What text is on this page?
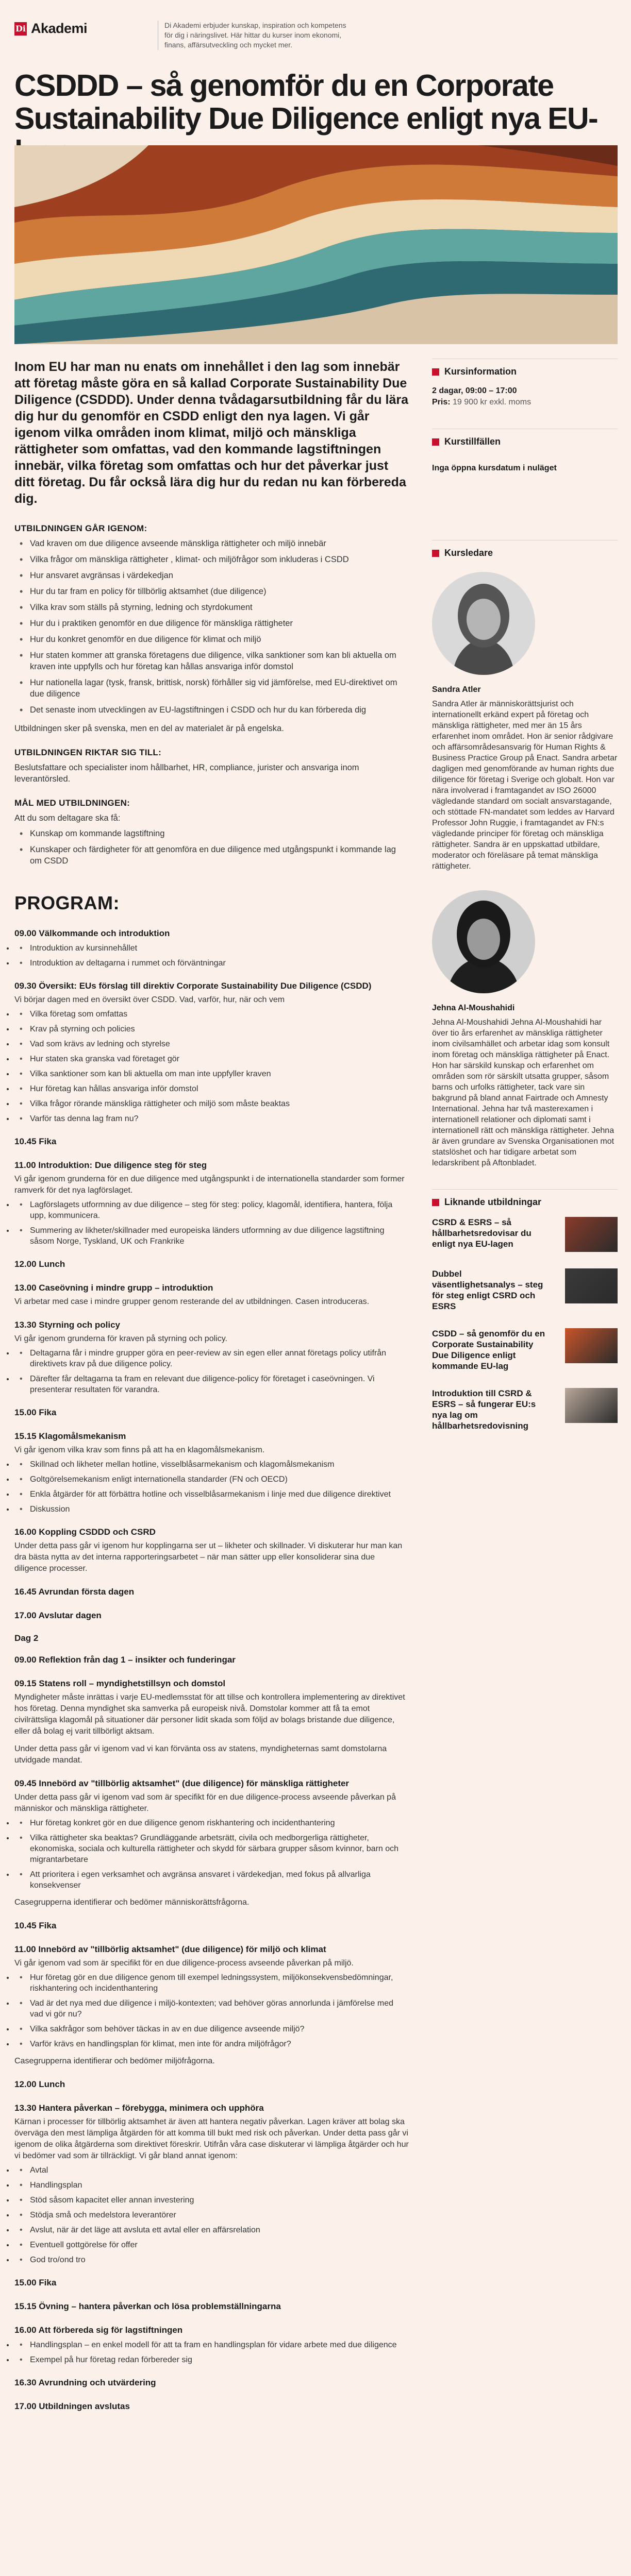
Di Akademi	Di Akademi erbjuder kunskap, inspiration och kompetens för dig i näringslivet. Här hittar du kurser inom ekonomi, finans, affärsutveckling och mycket mer.
CSDDD – så genomför du en Corporate Sustainability Due Diligence enligt nya EU-

Inom EU har man nu enats om innehållet i den lag som innebär att företag måste göra en så kallad Corporate Sustainability Due Diligence (CSDDD). Under denna tvådagarsutbildning får du lära dig hur du genomför en CSDD enligt den nya lagen. Vi går igenom vilka områden inom klimat, miljö och mänskliga rättigheter som omfattas, vad den kommande lagstiftningen innebär, vilka företag som omfattas och hur det påverkar just ditt företag. Du får också lära dig hur du redan nu kan förbereda dig.

UTBILDNINGEN GÅR IGENOM:
• Vad kraven om due diligence avseende mänskliga rättigheter och miljö innebär
• Vilka frågor om mänskliga rättigheter , klimat- och miljöfrågor som inkluderas i CSDD
• Hur ansvaret avgränsas i värdekedjan
• Hur du tar fram en policy för tillbörlig aktsamhet (due diligence)
• Vilka krav som ställs på styrning, ledning och styrdokument
• Hur du i praktiken genomför en due diligence för mänskliga rättigheter
• Hur du konkret genomför en due diligence för klimat och miljö
• Hur staten kommer att granska företagens due diligence, vilka sanktioner som kan bli aktuella om kraven inte uppfylls och hur företag kan hållas ansvariga inför domstol
• Hur nationella lagar (tysk, fransk, brittisk, norsk) förhåller sig vid jämförelse, med EU-direktivet om due diligence
• Det senaste inom utvecklingen av EU-lagstiftningen i CSDD och hur du kan förbereda dig

Utbildningen sker på svenska, men en del av materialet är på engelska.

UTBILDNINGEN RIKTAR SIG TILL:

Beslutsfattare och specialister inom hållbarhet, HR, compliance, jurister och ansvariga inom leverantörsled.

MÅL MED UTBILDNINGEN:

Att du som deltagare ska få:

• Kunskap om kommande lagstiftning
• Kunskaper och färdigheter för att genomföra en due diligence med utgångspunkt i kommande lag om CSDD
PROGRAM:
09.00 Välkommande och introduktion
• • Introduktion av kursinnehållet
• • Introduktion av deltagarna i rummet och förväntningar
09.30 Översikt: EUs förslag till direktiv Corporate Sustainability Due Diligence (CSDD)
Vi börjar dagen med en översikt över CSDD. Vad, varför, hur, när och vem
• • Vilka företag som omfattas
• • Krav på styrning och policies
• • Vad som krävs av ledning och styrelse
• • Hur staten ska granska vad företaget gör
• • Vilka sanktioner som kan bli aktuella om man inte uppfyller kraven
• • Hur företag kan hållas ansvariga inför domstol
• • Vilka frågor rörande mänskliga rättigheter och miljö som måste beaktas
• • Varför tas denna lag fram nu?
10.45 Fika
11.00 Introduktion: Due diligence steg för steg
Vi går igenom grunderna för en due diligence med utgångspunkt i de internationella standarder som former ramverk för det nya lagförslaget.
• • Lagförslagets utformning av due diligence – steg för steg: policy, klagomål, identifiera, hantera, följa upp, kommunicera.
• • Summering av likheter/skillnader med europeiska länders utformning av due diligence lagstiftning såsom Norge, Tyskland, UK och Frankrike
12.00 Lunch
13.00 Caseövning i mindre grupp – introduktion
Vi arbetar med case i mindre grupper genom resterande del av utbildningen. Casen introduceras.
13.30 Styrning och policy
Vi går igenom grunderna för kraven på styrning och policy.
• • Deltagarna får i mindre grupper göra en peer-review av sin egen eller annat företags policy utifrån direktivets krav på due diligence policy.
• • Därefter får deltagarna ta fram en relevant due diligence-policy för företaget i caseövningen. Vi presenterar resultaten för varandra.
15.00 Fika
15.15 Klagomålsmekanism
Vi går igenom vilka krav som finns på att ha en klagomålsmekanism.
• • Skillnad och likheter mellan hotline, visselblåsarmekanism och klagomålsmekanism
• • Goltgörelsemekanism enligt internationella standarder (FN och OECD)
• • Enkla åtgärder för att förbättra hotline och visselblåsarmekanism i linje med due diligence direktivet
• • Diskussion
16.00 Koppling CSDDD och CSRD
Under detta pass går vi igenom hur kopplingarna ser ut – likheter och skillnader. Vi diskuterar hur man kan dra bästa nytta av det interna rapporteringsarbetet – när man sätter upp eller konsoliderar sina due diligence processer.
16.45 Avrundan första dagen
17.00 Avslutar dagen
Dag 2
09.00 Reflektion från dag 1 – insikter och funderingar
09.15 Statens roll – myndighetstillsyn och domstol
Myndigheter måste inrättas i varje EU-medlemsstat för att tillse och kontrollera implementering av direktivet hos företag. Denna myndighet ska samverka på europeisk nivå. Domstolar kommer att få ta emot civilrättsliga klagomål på situationer där personer lidit skada som följd av bolags bristande due diligence, eller då bolag ej varit tillbörligt aktsam.
Under detta pass går vi igenom vad vi kan förvänta oss av statens, myndigheternas samt domstolarna utvidgade mandat.
09.45 Innebörd av "tillbörlig aktsamhet" (due diligence) för mänskliga rättigheter
Under detta pass går vi igenom vad som är specifikt för en due diligence-process avseende påverkan på människor och mänskliga rättigheter.
• • Hur företag konkret gör en due diligence genom riskhantering och incidenthantering
• • Vilka rättigheter ska beaktas? Grundläggande arbetsrätt, civila och medborgerliga rättigheter, ekonomiska, sociala och kulturella rättigheter och skydd för särbara grupper såsom kvinnor, barn och migrantarbetare
• • Att prioritera i egen verksamhet och avgränsa ansvaret i värdekedjan, med fokus på allvarliga konsekvenser
Casegrupperna identifierar och bedömer människorättsfrågorna.
10.45 Fika
11.00 Innebörd av "tillbörlig aktsamhet" (due diligence) för miljö och klimat
Vi går igenom vad som är specifikt för en due diligence-process avseende påverkan på miljö.
• • Hur företag gör en due diligence genom till exempel ledningssystem, miljökonsekvensbedömningar, riskhantering och incidenthantering
• • Vad är det nya med due diligence i miljö-kontexten; vad behöver göras annorlunda i jämförelse med vad vi gör nu?
• • Vilka sakfrågor som behöver täckas in av en due diligence avseende miljö?
• • Varför krävs en handlingsplan för klimat, men inte för andra miljöfrågor?
Casegrupperna identifierar och bedömer miljöfrågorna.
12.00 Lunch
13.30 Hantera påverkan – förebygga, minimera och upphöra
Kärnan i processer för tillbörlig aktsamhet är även att hantera negativ påverkan. Lagen kräver att bolag ska överväga den mest lämpliga åtgärden för att komma till bukt med risk och påverkan. Under detta pass går vi igenom de olika åtgärderna som direktivet föreskrir. Utifrån våra case diskuterar vi lämpliga åtgärder och hur vi bedömer vad som är tillräckligt. Vi går bland annat igenom:
• • Avtal
• • Handlingsplan
• • Stöd såsom kapacitet eller annan investering
• • Stödja små och medelstora leverantörer
• • Avslut, när är det läge att avsluta ett avtal eller en affärsrelation
• • Eventuell gottgörelse för offer
• • God tro/ond tro
15.00 Fika
15.15 Övning – hantera påverkan och lösa problemställningarna
16.00 Att förbereda sig för lagstiftningen
• • Handlingsplan – en enkel modell för att ta fram en handlingsplan för vidare arbete med due diligence
• • Exempel på hur företag redan förbereder sig
16.30 Avrundning och utvärdering
17.00 Utbildningen avslutas
Kursinformation
2 dagar, 09:00 – 17:00
Pris: 19 900 kr exkl. moms
Kurstillfällen
Inga öppna kursdatum i nuläget
Kursledare
Sandra Atler

Sandra Atler är människorättsjurist och internationellt erkänd expert på företag och mänskliga rättigheter, med mer än 15 års erfarenhet inom området. Hon är senior rådgivare och affärsområdesansvarig för Human Rights & Business Practice Group på Enact. Sandra arbetar dagligen med genomförande av human rights due diligence för företag i Sverige och globalt. Hon var nära involverad i framtagandet av ISO 26000 vägledande standard om socialt ansvarstagande, och stöttade FN-mandatet som leddes av Harvard Professor John Ruggie, i framtagandet av FN:s vägledande principer för företag och mänskliga rättigheter. Sandra är en uppskattad utbildare, moderator och föreläsare på temat mänskliga rättigheter.

Jehna Al-Moushahidi

Jehna Al-Moushahidi Jehna Al-Moushahidi har över tio års erfarenhet av mänskliga rättigheter inom civilsamhället och arbetar idag som konsult inom företag och mänskliga rättigheter på Enact. Hon har särskild kunskap och erfarenhet om områden som rör särskilt utsatta grupper, såsom barns och urfolks rättigheter, tack vare sin bakgrund på bland annat Fairtrade och Amnesty International. Jehna har två masterexamen i internationell relationer och diplomati samt i internationell rätt och mänskliga rättigheter. Jehna är även grundare av Svenska Organisationen mot statslöshet och har tidigare arbetat som ledarskribent på Aftonbladet.

Liknande utbildningar
CSRD & ESRS – så hållbarhetsredovisar du enligt nya EU-lagen
Dubbel väsentlighetsanalys – steg för steg enligt CSRD och ESRS
CSDD – så genomför du en Corporate Sustainability Due Diligence enligt kommande EU-lag
Introduktion till CSRD & ESRS – så fungerar EU:s nya lag om hållbarhetsredovisning
